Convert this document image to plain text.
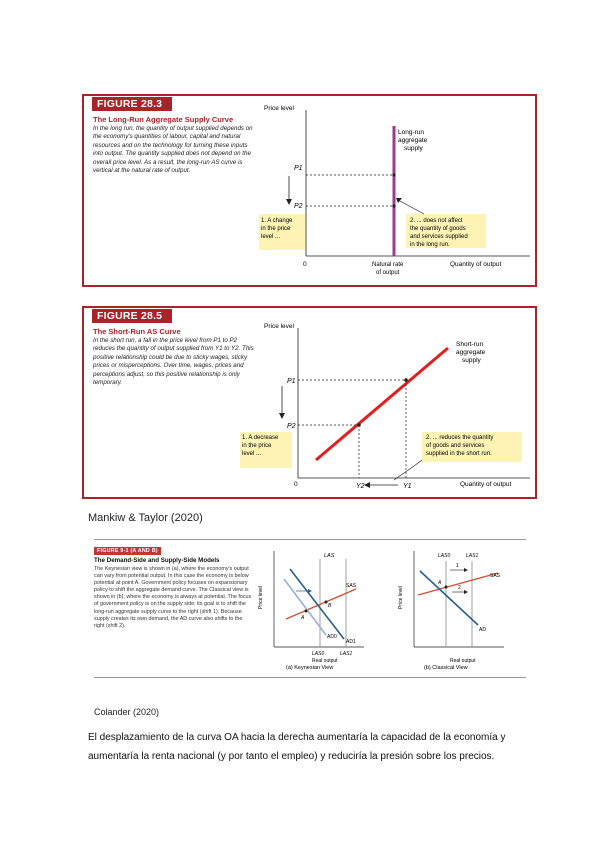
FIGURE 28.3
The Long-Run Aggregate Supply Curve
In the long run, the quantity of output supplied depends on the economy's quantities of labour, capital and natural resources and on the technology for turning these inputs into output. The quantity supplied does not depend on the overall price level. As a result, the long-run AS curve is vertical at the natural rate of output.
Price level
Quantity of output
0
Long-run
aggregate
supply
P1
P2
1. A change
in the price
level ...
2. ... does not affect
the quantity of goods
and services supplied
in the long run.
Natural rate
of output
FIGURE 28.5
The Short-Run AS Curve
In the short run, a fall in the price level from P1 to P2 reduces the quantity of output supplied from Y1 to Y2. This positive relationship could be due to sticky wages, sticky prices or misperceptions. Over time, wages, prices and perceptions adjust, so this positive relationship is only temporary.
Price level
Quantity of output
0
Short-run
aggregate
supply
P1
P2
Y2	Y1
1. A decrease
in the price
level ...
2. ... reduces the quantity
of goods and services
supplied in the short run.
Mankiw & Taylor (2020)
FIGURE 9-1 (A AND B)
The Demand-Side and Supply-Side Models
The Keynesian view is shown in (a), where the economy's output can vary from potential output. In this case the economy is below potential at point A. Government policy focuses on expansionary policy to shift the aggregate demand curve. The Classical view is shown in (b), where the economy is always at potential. The focus of government policy is on the supply side; its goal is to shift the long-run aggregate supply curve to the right (shift 1). Because supply creates its own demand, the AD curve also shifts to the right (shift 2).
Price level
LAS
SAS
AD1
AD0
A
B
LAS0	LAS1
Real output
(a) Keynesian View
Price level
LAS0	LAS1
1
SAS
AD
A
2
Real output
(b) Classical View
Colander (2020)
El desplazamiento de la curva OA hacia la derecha aumentaría la capacidad de la economía y aumentaría la renta nacional (y por tanto el empleo) y reduciría la presión sobre los precios.
